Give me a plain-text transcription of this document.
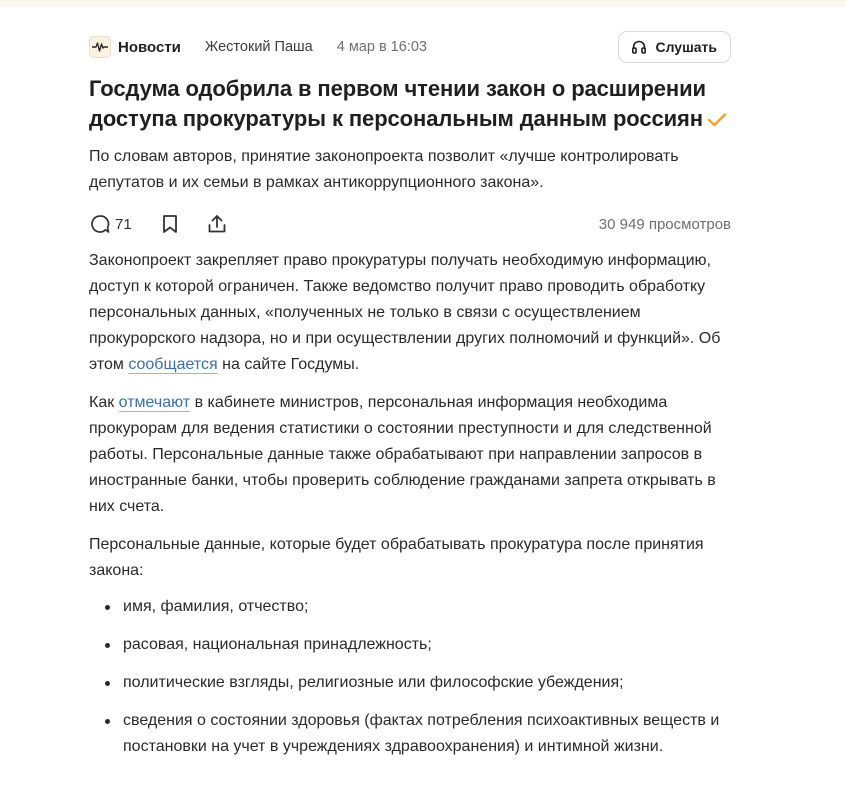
Новости Жестокий Паша 4 мар в 16:03	Слушать
Госдума одобрила в первом чтении закон о расширении доступа прокуратуры к персональным данным россиян

По словам авторов, принятие законопроекта позволит «лучше контролировать депутатов и их семьи в рамках антикоррупционного закона».

71	30 949 просмотров

Законопроект закрепляет право прокуратуры получать необходимую информацию, доступ к которой ограничен. Также ведомство получит право проводить обработку персональных данных, «полученных не только в связи с осуществлением прокурорского надзора, но и при осуществлении других полномочий и функций». Об этом сообщается на сайте Госдумы.

Как отмечают в кабинете министров, персональная информация необходима прокурорам для ведения статистики о состоянии преступности и для следственной работы. Персональные данные также обрабатывают при направлении запросов в иностранные банки, чтобы проверить соблюдение гражданами запрета открывать в них счета.

Персональные данные, которые будет обрабатывать прокуратура после принятия закона:

имя, фамилия, отчество;
расовая, национальная принадлежность;
политические взгляды, религиозные или философские убеждения;
сведения о состоянии здоровья (фактах потребления психоактивных веществ и постановки на учет в учреждениях здравоохранения) и интимной жизни.
